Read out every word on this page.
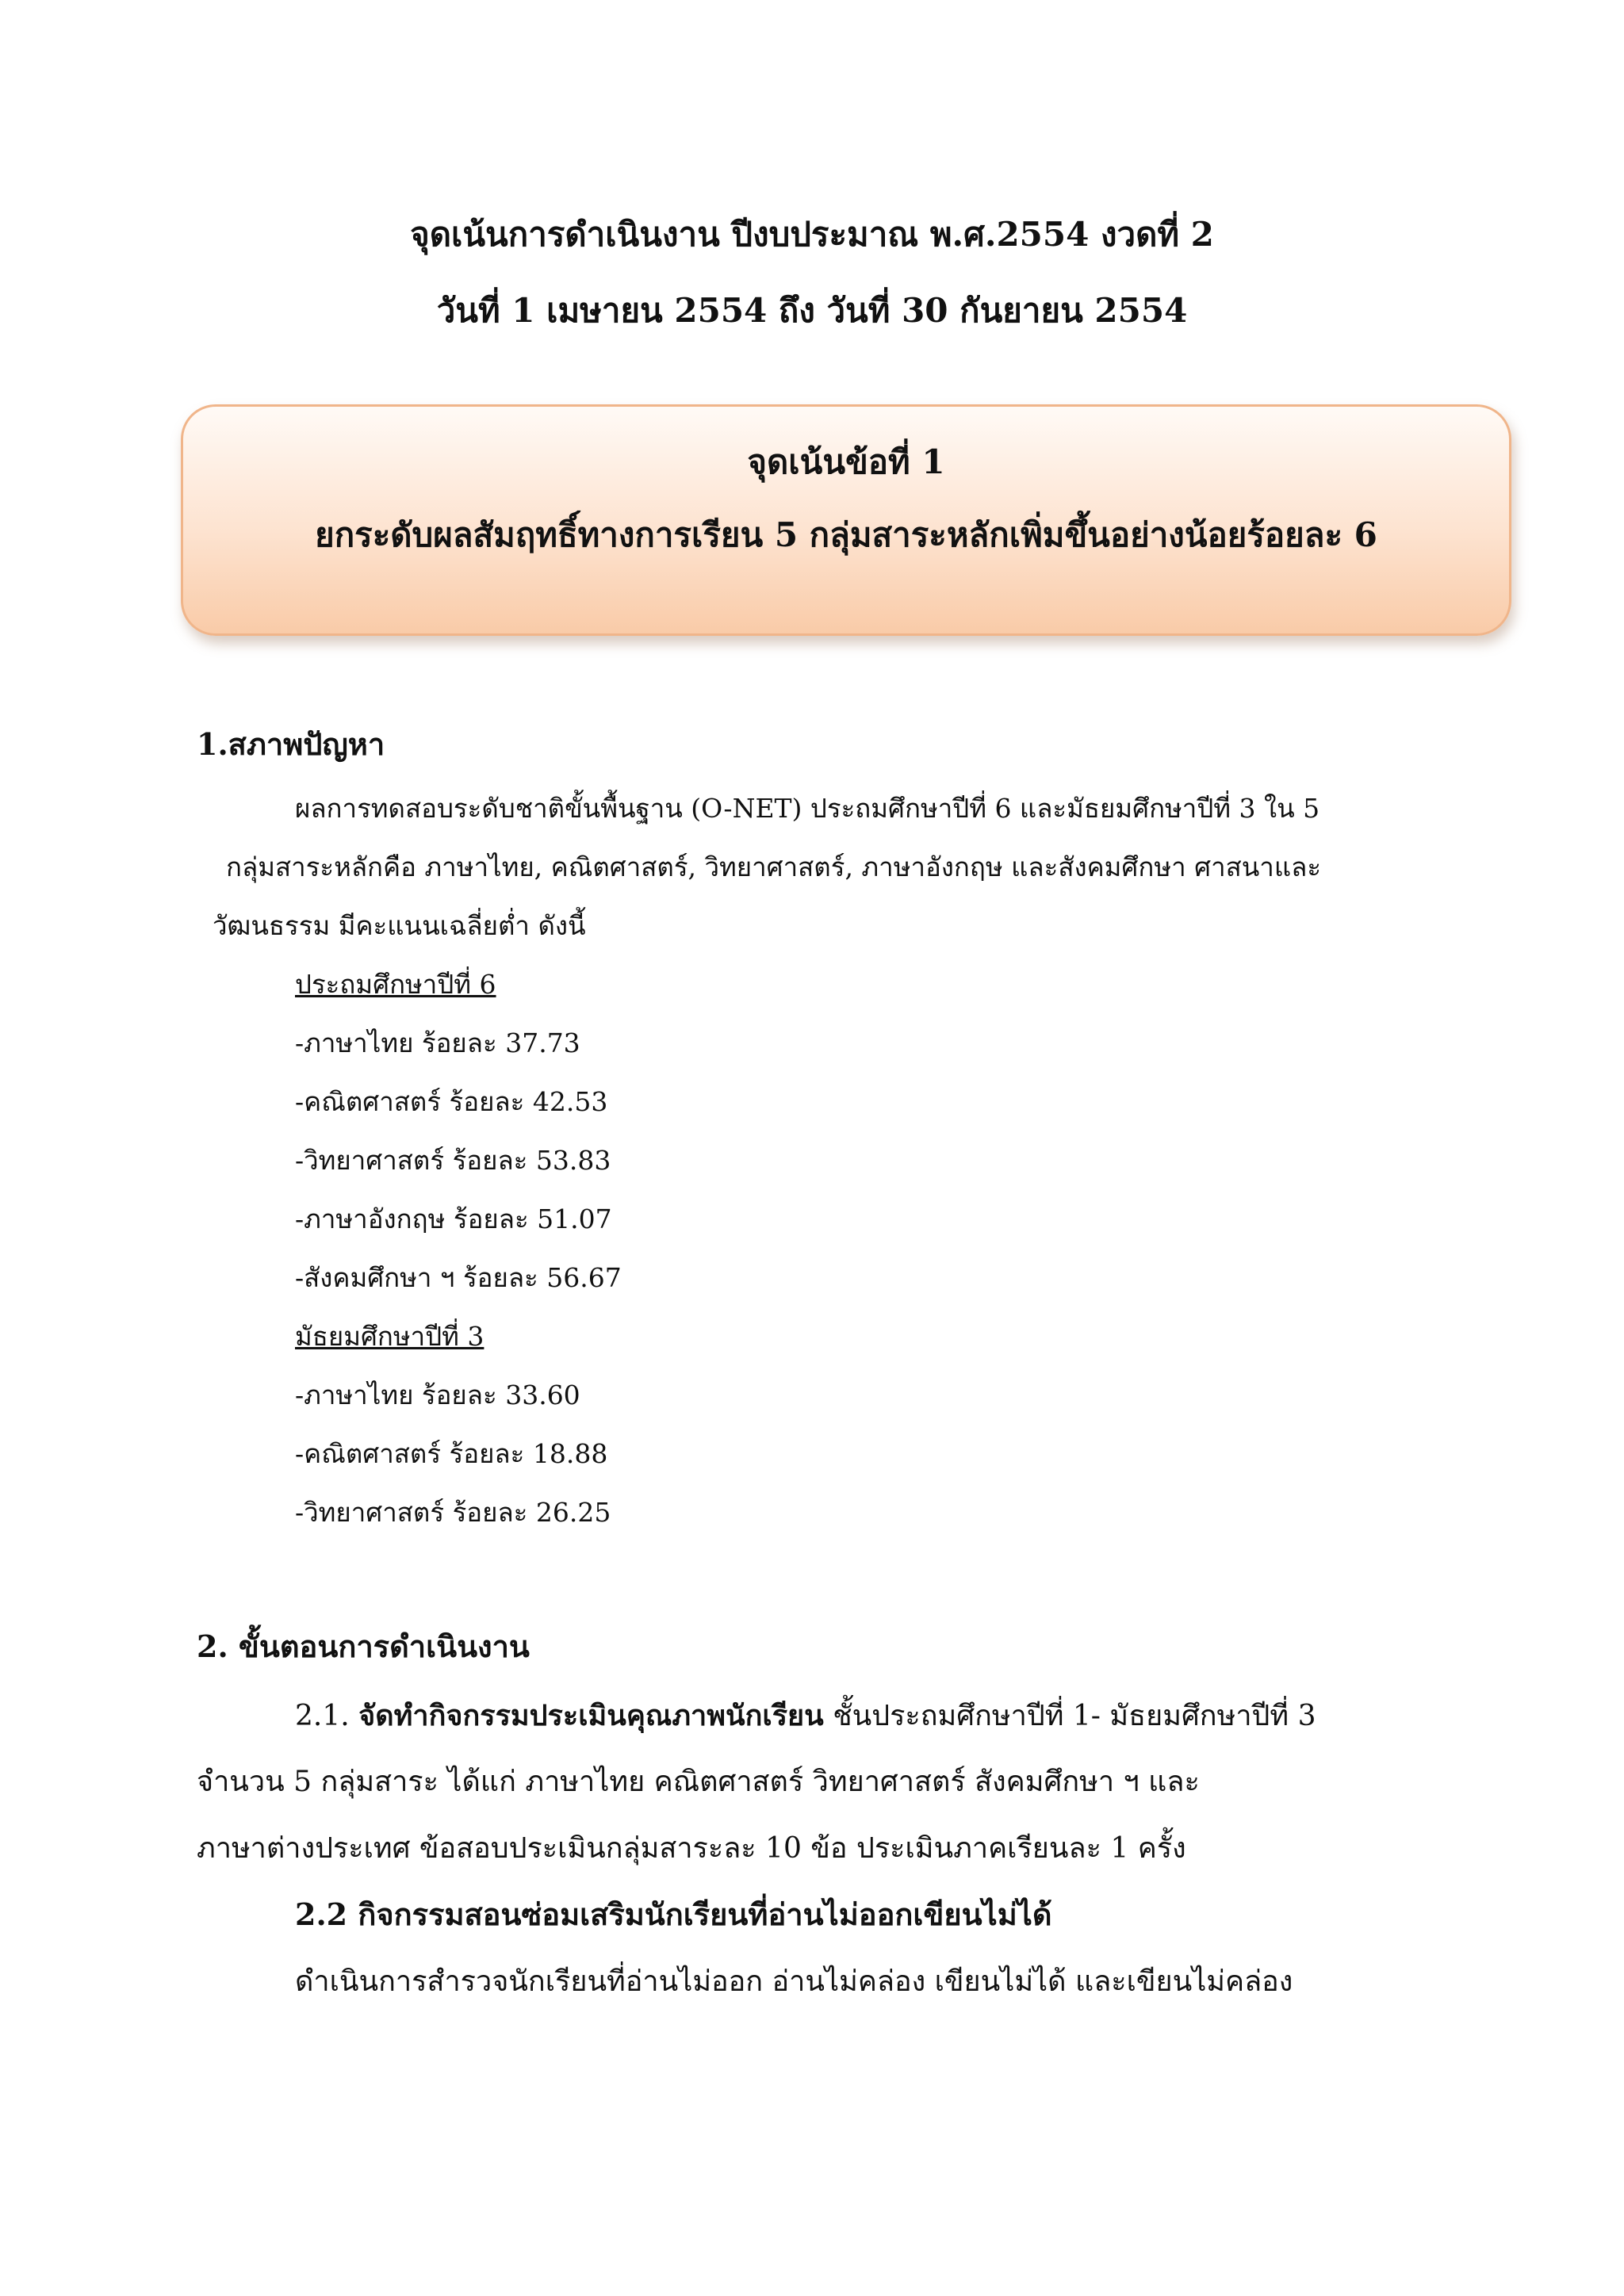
จุดเน้นการดำเนินงาน ปีงบประมาณ พ.ศ.2554 งวดที่ 2
วันที่ 1 เมษายน 2554 ถึง วันที่ 30 กันยายน 2554
จุดเน้นข้อที่ 1
ยกระดับผลสัมฤทธิ์ทางการเรียน 5 กลุ่มสาระหลักเพิ่มขึ้นอย่างน้อยร้อยละ 6
1.สภาพปัญหา
ผลการทดสอบระดับชาติขั้นพื้นฐาน (O-NET) ประถมศึกษาปีที่ 6 และมัธยมศึกษาปีที่ 3 ใน 5
กลุ่มสาระหลักคือ ภาษาไทย, คณิตศาสตร์, วิทยาศาสตร์, ภาษาอังกฤษ และสังคมศึกษา ศาสนาและ
วัฒนธรรม มีคะแนนเฉลี่ยต่ำ ดังนี้
ประถมศึกษาปีที่ 6
-ภาษาไทย ร้อยละ 37.73
-คณิตศาสตร์ ร้อยละ 42.53
-วิทยาศาสตร์ ร้อยละ 53.83
-ภาษาอังกฤษ ร้อยละ 51.07
-สังคมศึกษา ฯ ร้อยละ 56.67
มัธยมศึกษาปีที่ 3
-ภาษาไทย ร้อยละ 33.60
-คณิตศาสตร์ ร้อยละ 18.88
-วิทยาศาสตร์ ร้อยละ 26.25
2. ขั้นตอนการดำเนินงาน
2.1. จัดทำกิจกรรมประเมินคุณภาพนักเรียน ชั้นประถมศึกษาปีที่ 1- มัธยมศึกษาปีที่ 3
จำนวน 5 กลุ่มสาระ ได้แก่ ภาษาไทย คณิตศาสตร์ วิทยาศาสตร์ สังคมศึกษา ฯ และ
ภาษาต่างประเทศ ข้อสอบประเมินกลุ่มสาระละ 10 ข้อ ประเมินภาคเรียนละ 1 ครั้ง
2.2 กิจกรรมสอนซ่อมเสริมนักเรียนที่อ่านไม่ออกเขียนไม่ได้
ดำเนินการสำรวจนักเรียนที่อ่านไม่ออก อ่านไม่คล่อง เขียนไม่ได้ และเขียนไม่คล่อง
